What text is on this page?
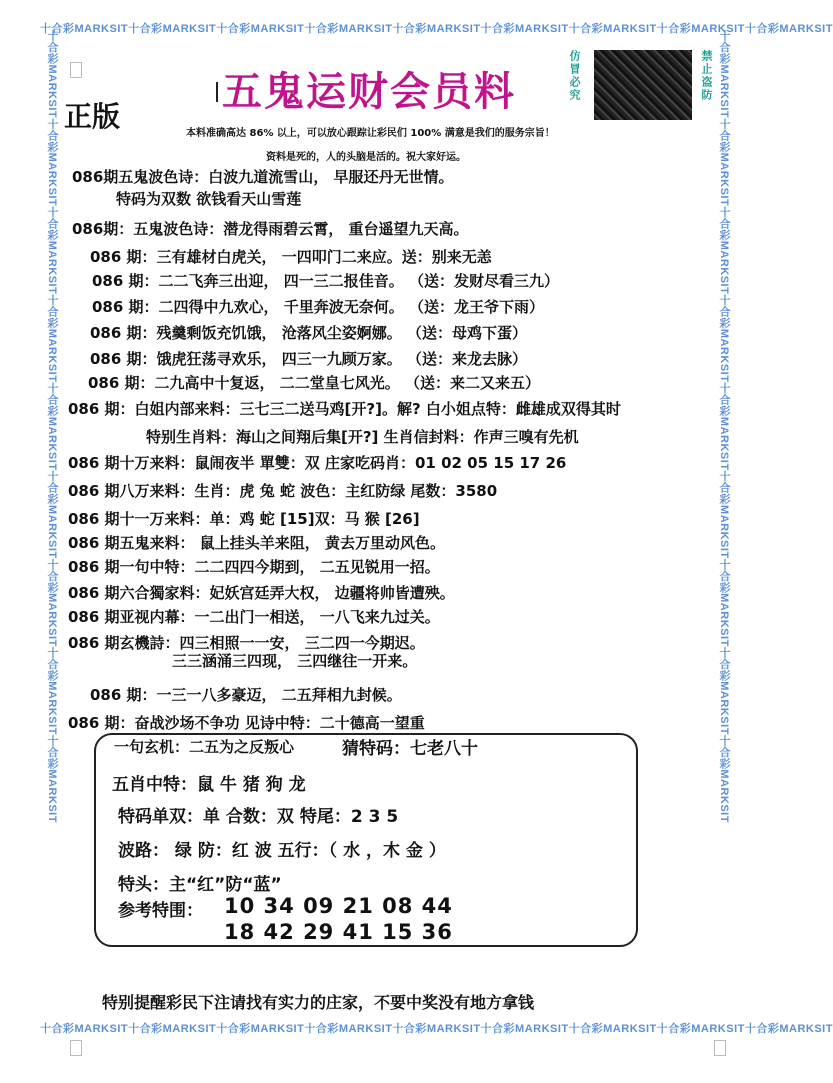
十合彩MARKSIT十合彩MARKSIT十合彩MARKSIT十合彩MARKSIT十合彩MARKSIT十合彩MARKSIT十合彩MARKSIT十合彩MARKSIT十合彩MARKSIT
十合彩MARKSIT十合彩MARKSIT十合彩MARKSIT十合彩MARKSIT十合彩MARKSIT十合彩MARKSIT十合彩MARKSIT十合彩MARKSIT十合彩MARKSIT
十合彩MARKSIT十合彩MARKSIT十合彩MARKSIT十合彩MARKSIT十合彩MARKSIT十合彩MARKSIT十合彩MARKSIT十合彩MARKSIT十合彩MARKSIT	十合彩MARKSIT十合彩MARKSIT十合彩MARKSIT十合彩MARKSIT十合彩MARKSIT十合彩MARKSIT十合彩MARKSIT十合彩MARKSIT十合彩MARKSIT
五鬼运财会员料
正版
仿冒必究	禁止盗防
本料准确高达 86% 以上，可以放心跟踪让彩民们 100% 满意是我们的服务宗旨！
资料是死的，人的头脑是活的。祝大家好运。
086期五鬼波色诗：白波九道流雪山， 早服还丹无世情。
特码为双数 欲钱看天山雪莲
086期：五鬼波色诗：潜龙得雨碧云霄， 重台遥望九天高。
086 期：三有雄材白虎关， 一四叩门二来应。送：别来无恙
086 期：二二飞奔三出迎， 四一三二报佳音。 （送：发财尽看三九）
086 期：二四得中九欢心， 千里奔波无奈何。 （送：龙王爷下雨）
086 期：残羹剩饭充饥饿， 沧落风尘姿婀娜。 （送：母鸡下蛋）
086 期：饿虎狂荡寻欢乐， 四三一九顾万家。 （送：来龙去脉）
086 期：二九高中十复返， 二二堂皇七风光。 （送：来二又来五）
086 期：白姐内部来料：三七三二送马鸡[开?]。解? 白小姐点特：雌雄成双得其时
特别生肖料：海山之间翔后集[开?] 生肖信封料：作声三嗅有先机
086 期十万来料：鼠闹夜半 單雙：双 庄家吃码肖：01 02 05 15 17 26
086 期八万来料：生肖：虎 兔 蛇 波色：主红防绿 尾数：3580
086 期十一万来料：单：鸡 蛇 [15]双：马 猴 [26]
086 期五鬼来料： 鼠上挂头羊来阻， 黄去万里动风色。
086 期一句中特：二二四四今期到， 二五见锐用一招。
086 期六合獨家料：妃妖宫廷弄大权， 边疆将帅皆遭殃。
086 期亚视内幕：一二出门一相送， 一八飞来九过关。
086 期玄機詩：四三相照一一安， 三二四一今期迟。
三三涵涌三四现， 三四继往一开来。
086 期：一三一八多豪迈， 二五拜相九封候。
086 期：奋战沙场不争功 见诗中特：二十德高一望重
一句玄机：二五为之反叛心	猜特码：七老八十
五肖中特：鼠 牛 猪 狗 龙
特码单双：单 合数：双 特尾：2 3 5
波路： 绿 防：红 波 五行：（ 水 ，木 金 ）
特头：主“红”防“蓝”
参考特围： 10 34 09 21 08 44
18 42 29 41 15 36
特别提醒彩民下注请找有实力的庄家，不要中奖没有地方拿钱
